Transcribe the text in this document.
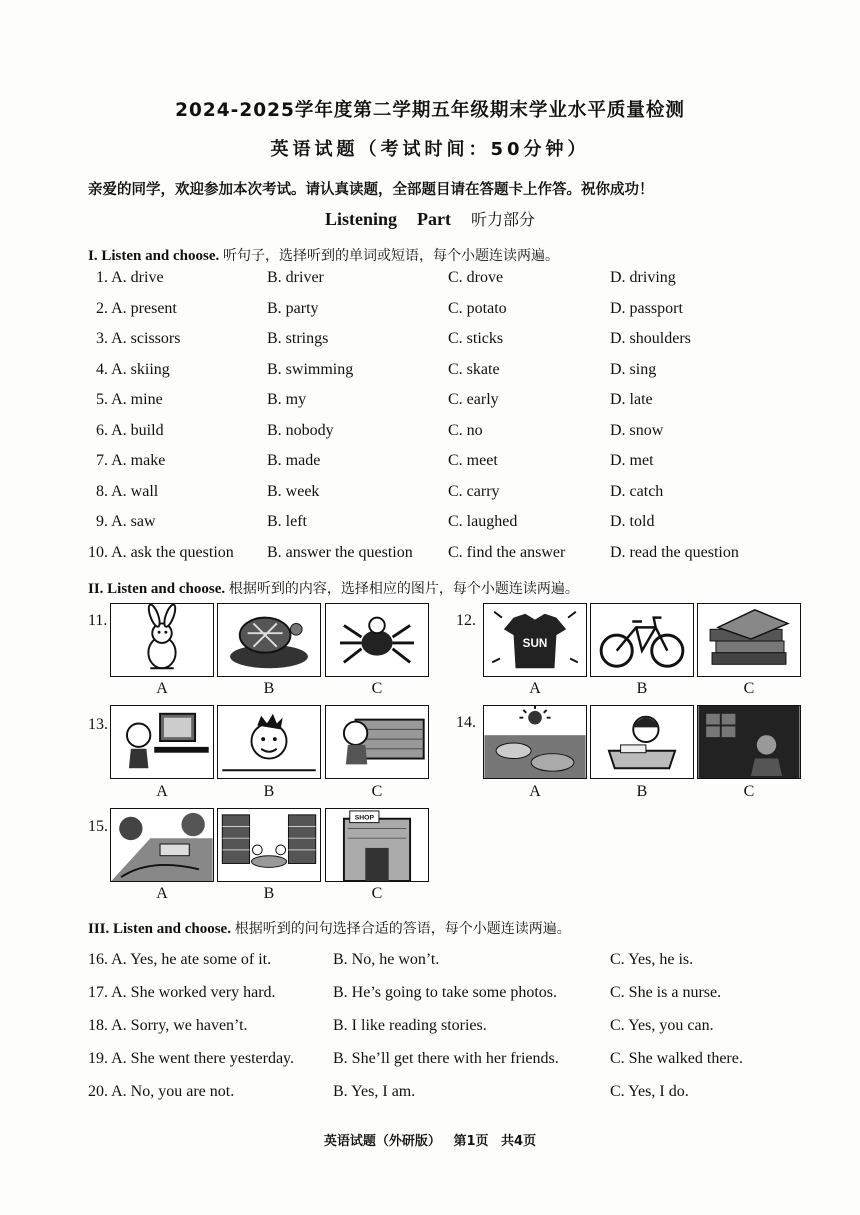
2024-2025学年度第二学期五年级期末学业水平质量检测
英语试题（考试时间：50分钟）
亲爱的同学，欢迎参加本次考试。请认真读题，全部题目请在答题卡上作答。祝你成功！
Listening Part 听力部分
I. Listen and choose. 听句子，选择听到的单词或短语，每个小题连读两遍。
1. A. drive	B. driver	C. drove	D. driving
2. A. present	B. party	C. potato	D. passport
3. A. scissors	B. strings	C. sticks	D. shoulders
4. A. skiing	B. swimming	C. skate	D. sing
5. A. mine	B. my	C. early	D. late
6. A. build	B. nobody	C. no	D. snow
7. A. make	B. made	C. meet	D. met
8. A. wall	B. week	C. carry	D. catch
9. A. saw	B. left	C. laughed	D. told
10. A. ask the question B. answer the question C. find the answer	D. read the question
II. Listen and choose. 根据听到的内容，选择相应的图片，每个小题连读两遍。
11.
A	B	C
12.
SUN
A	B	C
13.
A	B	C
14.
A	B	C
15.	SHOP
A	B	C
III. Listen and choose. 根据听到的问句选择合适的答语，每个小题连读两遍。
16. A. Yes, he ate some of it.	B. No, he won’t.	C. Yes, he is.
17. A. She worked very hard.	B. He’s going to take some photos.	C. She is a nurse.
18. A. Sorry, we haven’t.	B. I like reading stories.	C. Yes, you can.
19. A. She went there yesterday. B. She’ll get there with her friends.	C. She walked there.
20. A. No, you are not.	B. Yes, I am.	C. Yes, I do.
英语试题（外研版） 第1页 共4页
